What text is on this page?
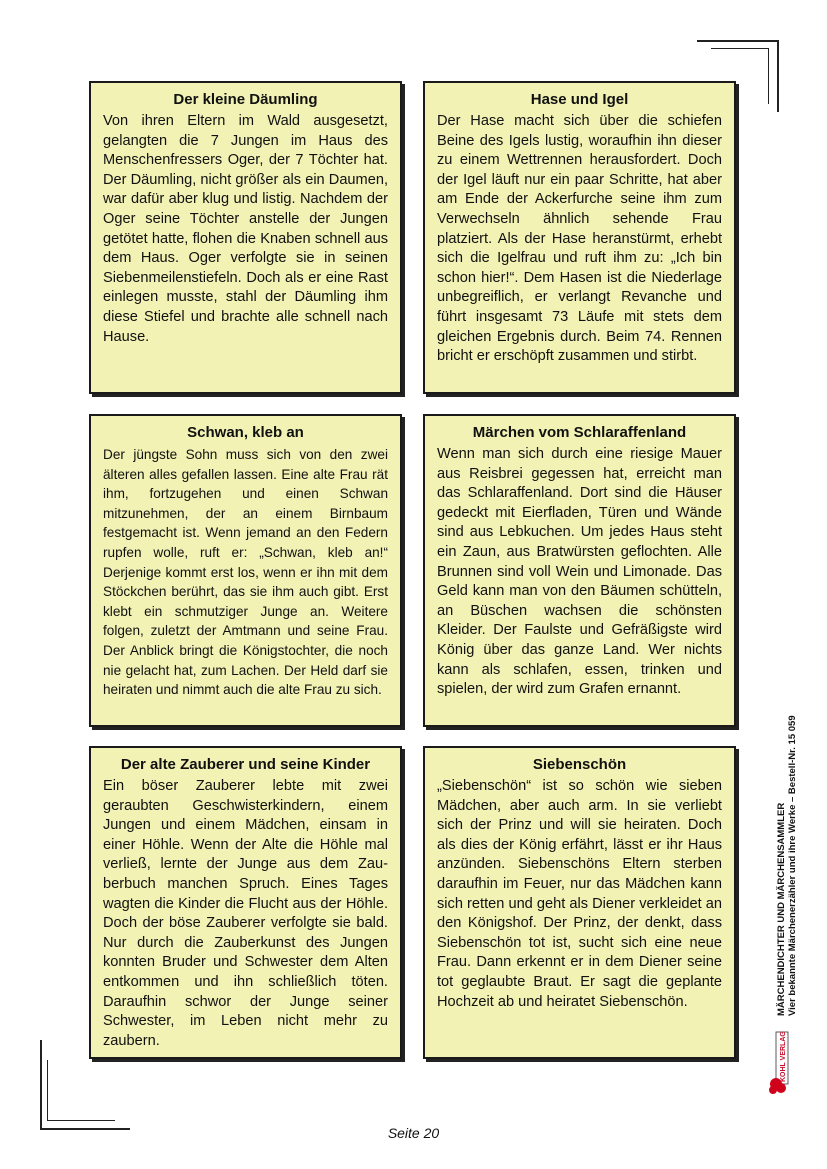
Der kleine Däumling

Von ihren Eltern im Wald ausgesetzt, gelangten die 7 Jungen im Haus des Menschenfressers Oger, der 7 Töchter hat. Der Däumling, nicht größer als ein Daumen, war dafür aber klug und listig. Nachdem der Oger seine Töchter anstelle der Jungen getötet hatte, flohen die Knaben schnell aus dem Haus. Oger verfolgte sie in seinen Siebenmeilenstiefeln. Doch als er eine Rast einlegen musste, stahl der Däumling ihm diese Stiefel und brachte alle schnell nach Hause.

Hase und Igel

Der Hase macht sich über die schiefen Beine des Igels lustig, woraufhin ihn dieser zu einem Wettrennen herausfordert. Doch der Igel läuft nur ein paar Schritte, hat aber am Ende der Ackerfurche seine ihm zum Verwechseln ähnlich sehende Frau platziert. Als der Hase heranstürmt, erhebt sich die Igelfrau und ruft ihm zu: „Ich bin schon hier!“. Dem Hasen ist die Niederlage unbegreiflich, er verlangt Revanche und führt insgesamt 73 Läufe mit stets dem gleichen Ergebnis durch. Beim 74. Rennen bricht er erschöpft zusammen und stirbt.

Schwan, kleb an

Der jüngste Sohn muss sich von den zwei älteren alles gefallen lassen. Eine alte Frau rät ihm, fortzugehen und einen Schwan mitzunehmen, der an einem Birnbaum festgemacht ist. Wenn jemand an den Federn rupfen wolle, ruft er: „Schwan, kleb an!“ Derjenige kommt erst los, wenn er ihn mit dem Stöckchen berührt, das sie ihm auch gibt. Erst klebt ein schmutziger Junge an. Weitere folgen, zuletzt der Amtmann und seine Frau. Der Anblick bringt die Königstochter, die noch nie gelacht hat, zum Lachen. Der Held darf sie heiraten und nimmt auch die alte Frau zu sich.

Märchen vom Schlaraffenland

Wenn man sich durch eine riesige Mauer aus Reisbrei gegessen hat, erreicht man das Schlaraffenland. Dort sind die Häuser gedeckt mit Eierfladen, Türen und Wände sind aus Lebkuchen. Um jedes Haus steht ein Zaun, aus Bratwürsten geflochten. Alle Brunnen sind voll Wein und Limonade. Das Geld kann man von den Bäumen schütteln, an Büschen wachsen die schönsten Kleider. Der Faulste und Gefräßigste wird König über das ganze Land. Wer nichts kann als schlafen, essen, trinken und spielen, der wird zum Grafen ernannt.

Der alte Zauberer und seine Kinder

Ein böser Zauberer lebte mit zwei geraubten Geschwisterkindern, einem Jungen und einem Mädchen, einsam in einer Höhle. Wenn der Alte die Höhle mal verließ, lernte der Junge aus dem Zauberbuch manchen Spruch. Eines Tages wagten die Kinder die Flucht aus der Höhle. Doch der böse Zauberer verfolgte sie bald. Nur durch die Zauberkunst des Jungen konnten Bruder und Schwester dem Alten entkommen und ihn schließlich töten. Daraufhin schwor der Junge seiner Schwester, im Leben nicht mehr zu zaubern.

Siebenschön

„Siebenschön“ ist so schön wie sieben Mädchen, aber auch arm. In sie verliebt sich der Prinz und will sie heiraten. Doch als dies der König erfährt, lässt er ihr Haus anzünden. Siebenschöns Eltern sterben daraufhin im Feuer, nur das Mädchen kann sich retten und geht als Diener verkleidet an den Königshof. Der Prinz, der denkt, dass Siebenschön tot ist, sucht sich eine neue Frau. Dann erkennt er in dem Diener seine tot geglaubte Braut. Er sagt die geplante Hochzeit ab und heiratet Siebenschön.	MÄRCHENDICHTER UND MÄRCHENSAMMLER Vier bekannte Märchenerzähler und ihre Werke – Bestell-Nr. 15 059
KOHL VERLAG
Seite 20
